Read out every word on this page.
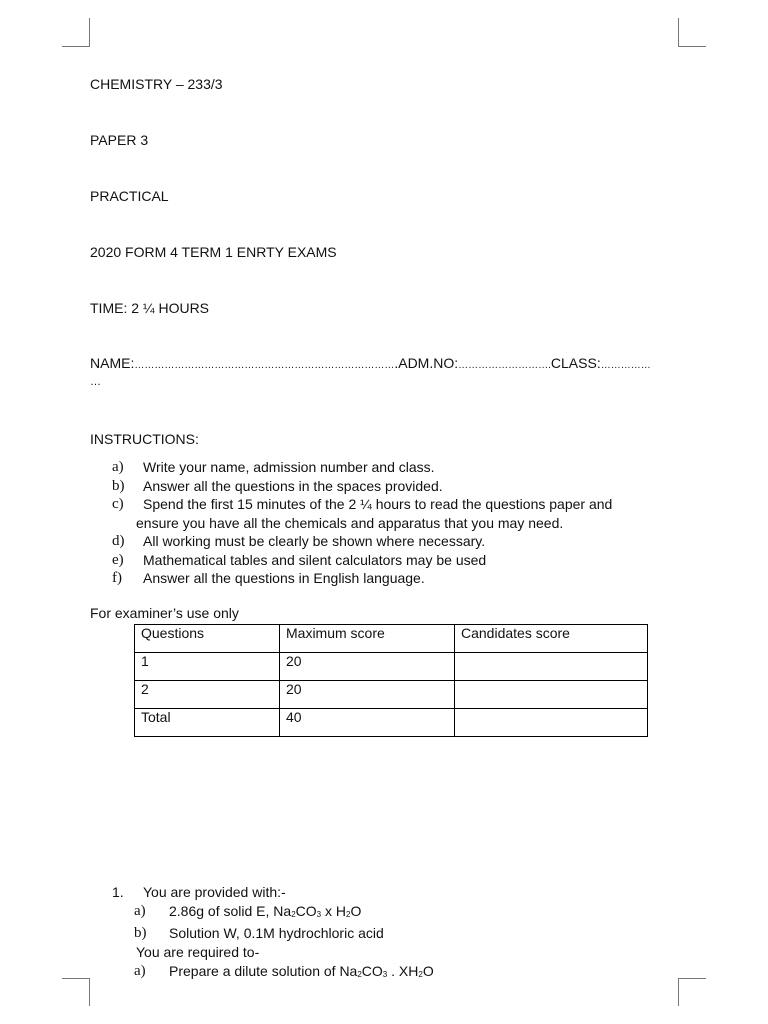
CHEMISTRY – 233/3
PAPER 3
PRACTICAL
2020 FORM 4 TERM 1 ENRTY EXAMS
TIME: 2 ¼ HOURS
NAME:…………………………………………………………………….ADM.NO:……………………….CLASS:……………
…
INSTRUCTIONS:
a)	Write your name, admission number and class.
b)	Answer all the questions in the spaces provided.
c)	Spend the first 15 minutes of the 2 ¼ hours to read the questions paper and
ensure you have all the chemicals and apparatus that you may need.
d)	All working must be clearly be shown where necessary.
e)	Mathematical tables and silent calculators may be used
f)	Answer all the questions in English language.
For examiner’s use only
Questions	Maximum score	Candidates score
1	20	
2	20	
Total	40	
1.	You are provided with:-
a)	2.86g of solid E, $Na_2CO_3$ x $H_2O$
b)	Solution W, 0.1M hydrochloric acid
You are required to-
a)	Prepare a dilute solution of $Na_2CO_3$ . $XH_2O$
